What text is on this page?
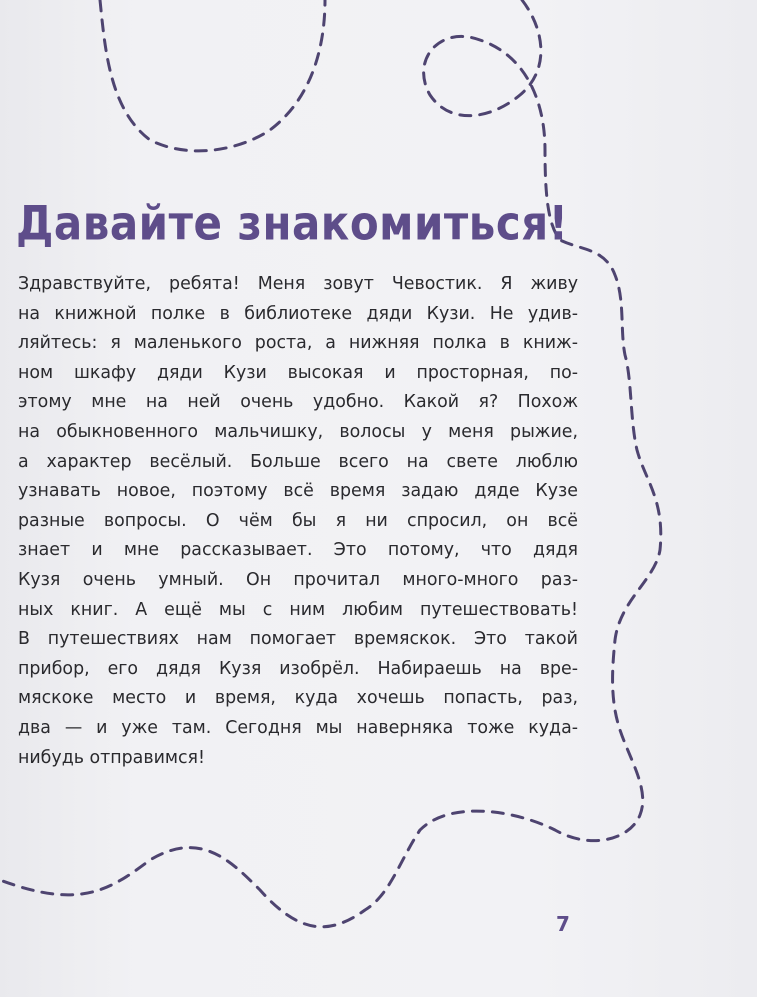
Давайте знакомиться!
Здравствуйте, ребята! Меня зовут Чевостик. Я живу
на книжной полке в библиотеке дяди Кузи. Не удив-
ляйтесь: я маленького роста, а нижняя полка в книж-
ном шкафу дяди Кузи высокая и просторная, по-
этому мне на ней очень удобно. Какой я? Похож
на обыкновенного мальчишку, волосы у меня рыжие,
а характер весёлый. Больше всего на свете люблю
узнавать новое, поэтому всё время задаю дяде Кузе
разные вопросы. О чём бы я ни спросил, он всё
знает и мне рассказывает. Это потому, что дядя
Кузя очень умный. Он прочитал много-много раз-
ных книг. А ещё мы с ним любим путешествовать!
В путешествиях нам помогает времяскок. Это такой
прибор, его дядя Кузя изобрёл. Набираешь на вре-
мяскоке место и время, куда хочешь попасть, раз,
два — и уже там. Сегодня мы наверняка тоже куда-
нибудь отправимся!
7
